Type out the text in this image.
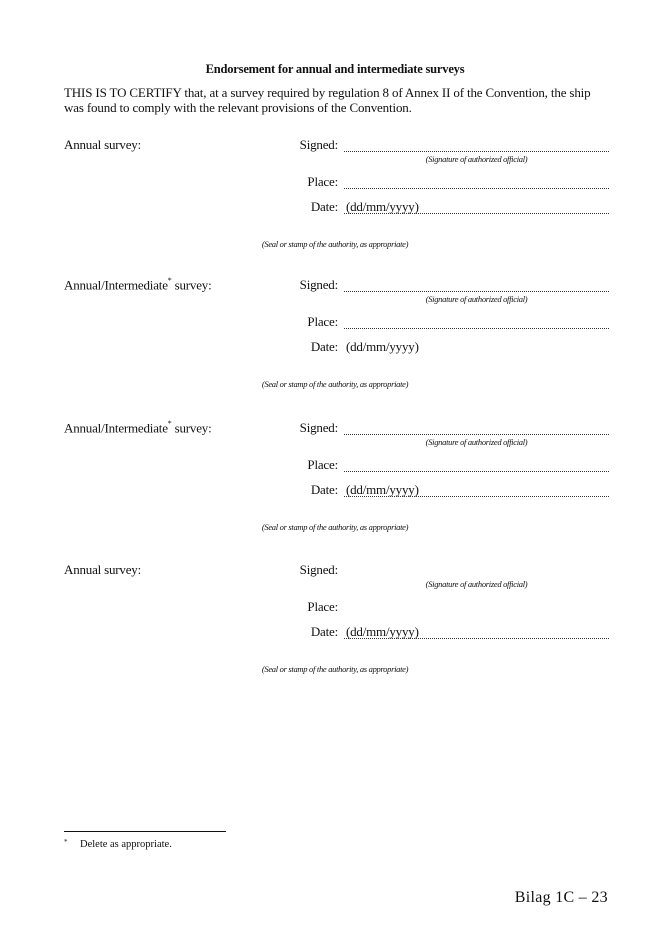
Endorsement for annual and intermediate surveys
THIS IS TO CERTIFY that, at a survey required by regulation 8 of Annex II of the Convention, the ship was found to comply with the relevant provisions of the Convention.
Annual survey:	Signed:
(Signature of authorized official)
Place:
Date: (dd/mm/yyyy)
(Seal or stamp of the authority, as appropriate)
Annual/Intermediate* survey:	Signed:
(Signature of authorized official)
Place:
Date: (dd/mm/yyyy)
(Seal or stamp of the authority, as appropriate)
Annual/Intermediate* survey:	Signed:
(Signature of authorized official)
Place:
Date: (dd/mm/yyyy)
(Seal or stamp of the authority, as appropriate)
Annual survey:	Signed:
(Signature of authorized official)
Place:
Date: (dd/mm/yyyy)
(Seal or stamp of the authority, as appropriate)
* Delete as appropriate.
Bilag 1C – 23
